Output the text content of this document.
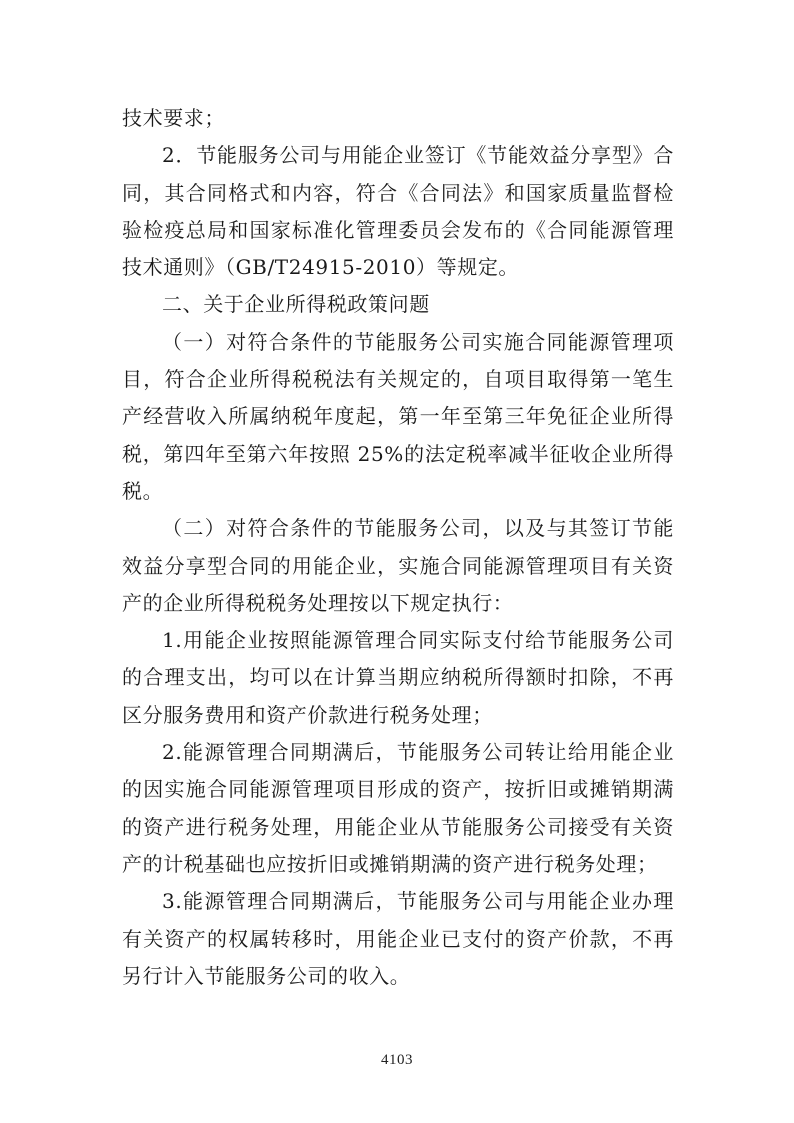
技术要求；

2．节能服务公司与用能企业签订《节能效益分享型》合同，其合同格式和内容，符合《合同法》和国家质量监督检验检疫总局和国家标准化管理委员会发布的《合同能源管理技术通则》（GB/T24915-2010）等规定。

二、关于企业所得税政策问题

（一）对符合条件的节能服务公司实施合同能源管理项目，符合企业所得税税法有关规定的，自项目取得第一笔生产经营收入所属纳税年度起，第一年至第三年免征企业所得税，第四年至第六年按照 25%的法定税率减半征收企业所得税。

（二）对符合条件的节能服务公司，以及与其签订节能效益分享型合同的用能企业，实施合同能源管理项目有关资产的企业所得税税务处理按以下规定执行：

1.用能企业按照能源管理合同实际支付给节能服务公司的合理支出，均可以在计算当期应纳税所得额时扣除，不再区分服务费用和资产价款进行税务处理；

2.能源管理合同期满后，节能服务公司转让给用能企业的因实施合同能源管理项目形成的资产，按折旧或摊销期满的资产进行税务处理，用能企业从节能服务公司接受有关资产的计税基础也应按折旧或摊销期满的资产进行税务处理；

3.能源管理合同期满后，节能服务公司与用能企业办理有关资产的权属转移时，用能企业已支付的资产价款，不再另行计入节能服务公司的收入。

4103
